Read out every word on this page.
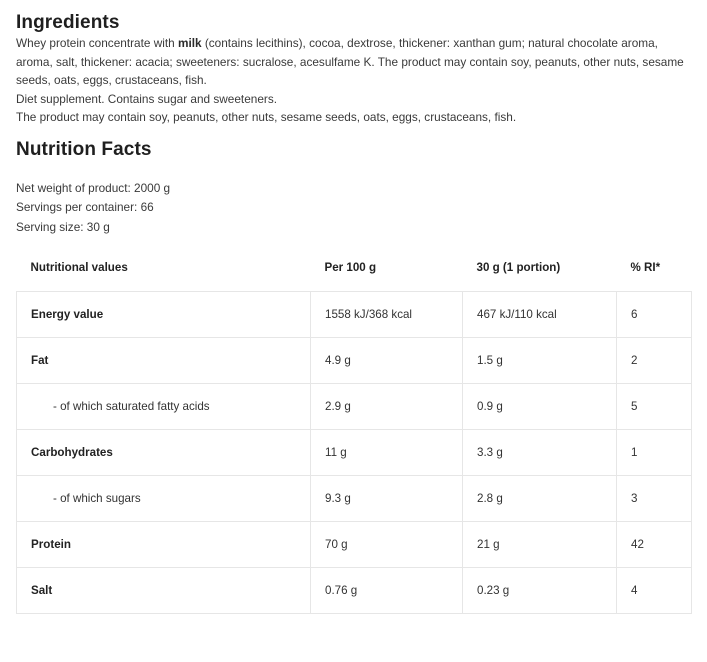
Ingredients

Whey protein concentrate with milk (contains lecithins), cocoa, dextrose, thickener: xanthan gum; natural chocolate aroma, aroma, salt, thickener: acacia; sweeteners: sucralose, acesulfame K. The product may contain soy, peanuts, other nuts, sesame seeds, oats, eggs, crustaceans, fish.

Diet supplement. Contains sugar and sweeteners.

The product may contain soy, peanuts, other nuts, sesame seeds, oats, eggs, crustaceans, fish.

Nutrition Facts
Net weight of product: 2000 g
Servings per container: 66
Serving size: 30 g
Nutritional values	Per 100 g	30 g (1 portion)	% RI*
Energy value	1558 kJ/368 kcal	467 kJ/110 kcal	6
Fat	4.9 g	1.5 g	2
- of which saturated fatty acids	2.9 g	0.9 g	5
Carbohydrates	11 g	3.3 g	1
- of which sugars	9.3 g	2.8 g	3
Protein	70 g	21 g	42
Salt	0.76 g	0.23 g	4
